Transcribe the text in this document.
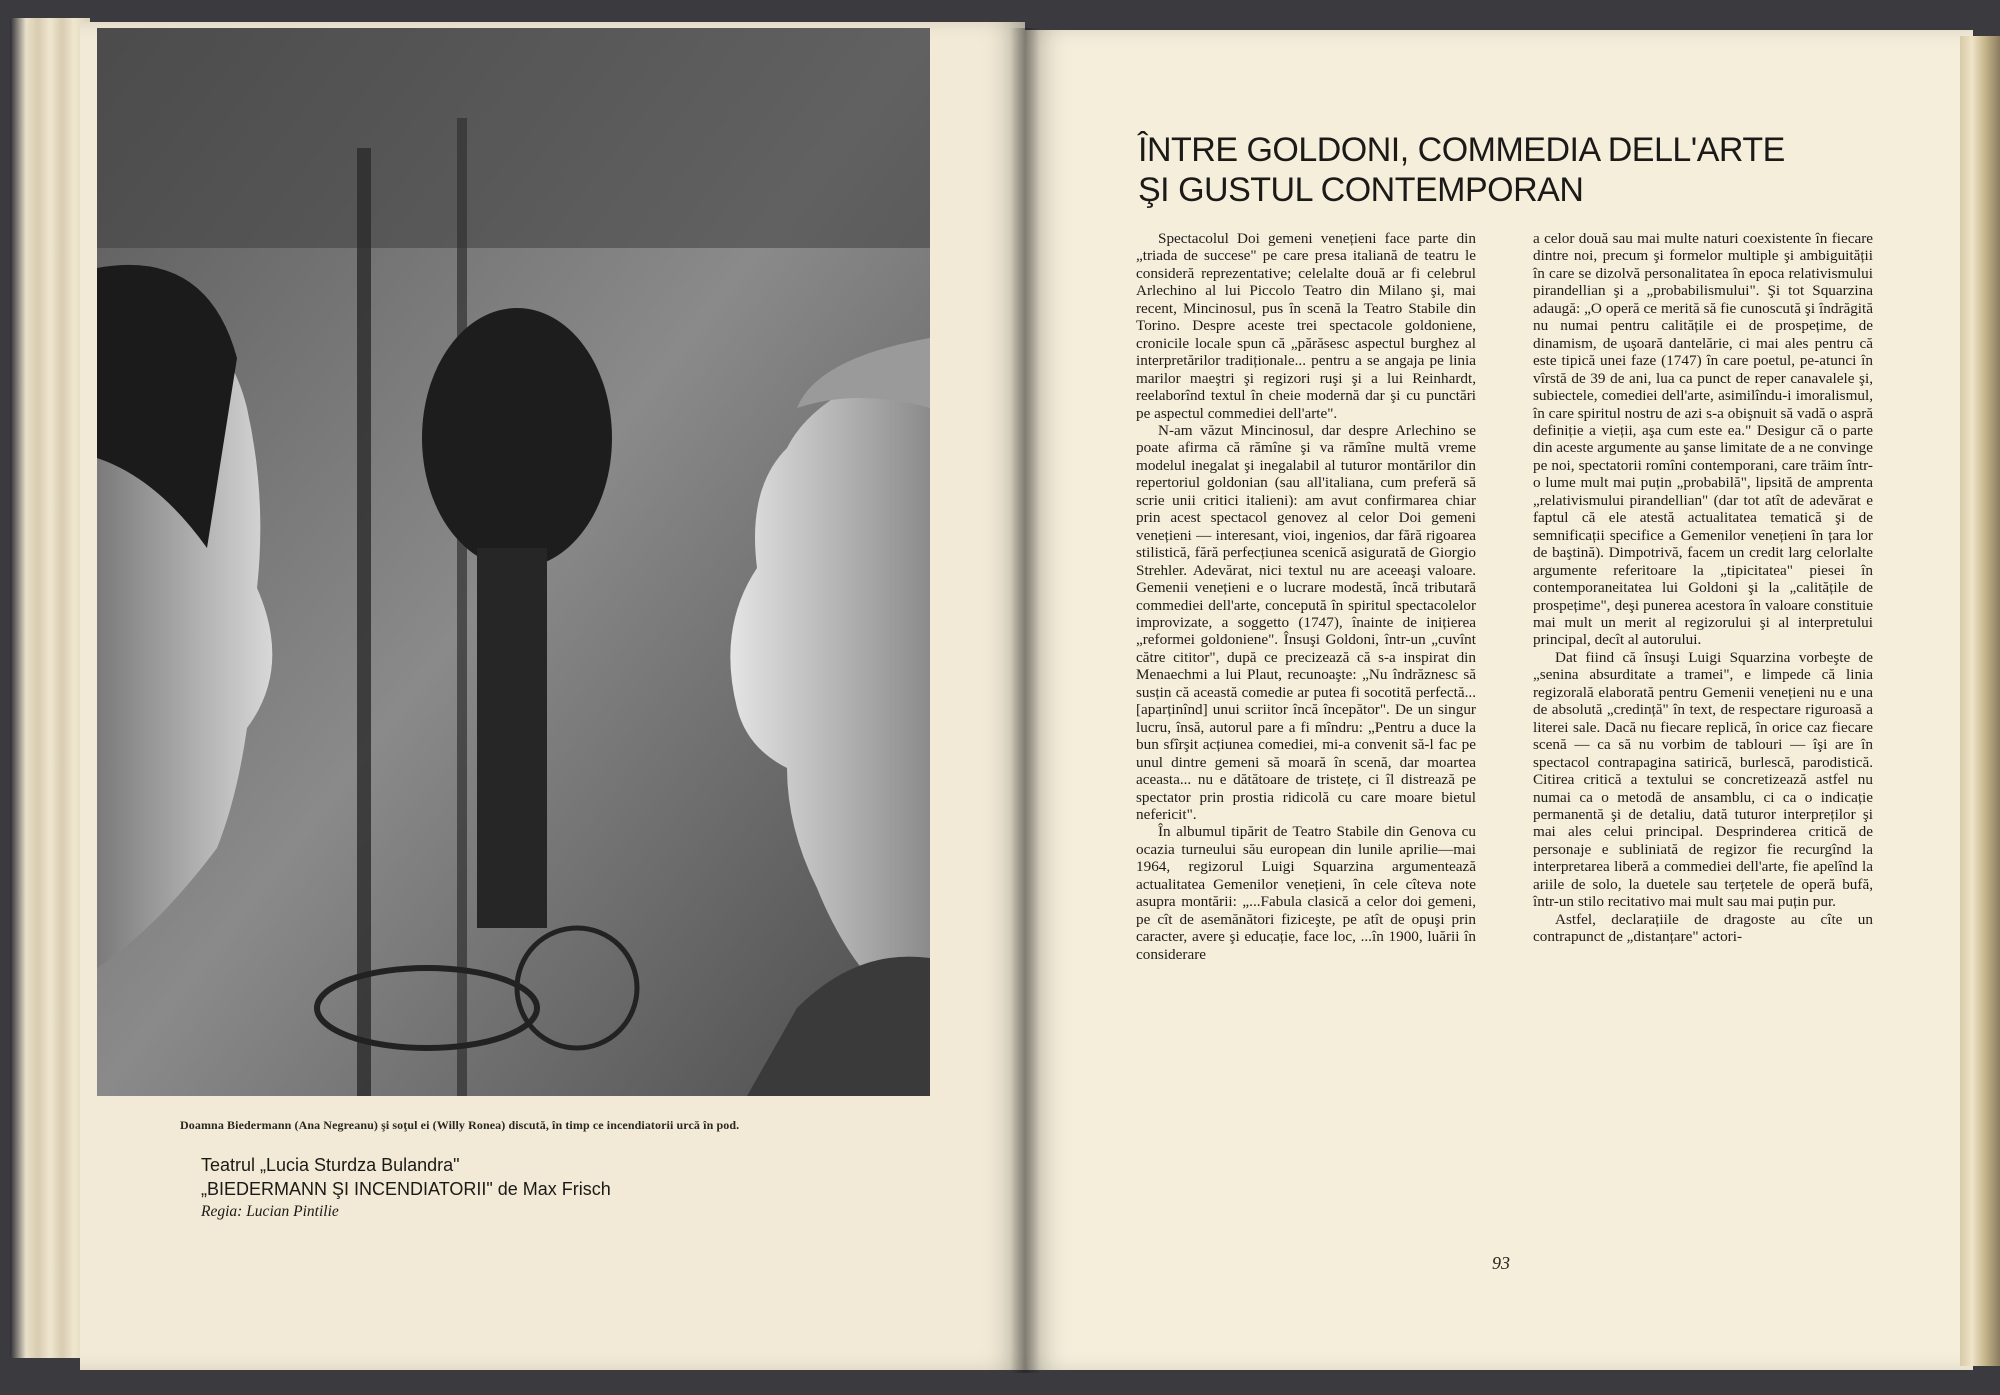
Doamna Biedermann (Ana Negreanu) şi soţul ei (Willy Ronea) discută, în timp ce incendiatorii urcă în pod.
Teatrul „Lucia Sturdza Bulandra"
„BIEDERMANN ŞI INCENDIATORII" de Max Frisch
Regia: Lucian Pintilie
ÎNTRE GOLDONI, COMMEDIA DELL'ARTE
ŞI GUSTUL CONTEMPORAN

Spectacolul Doi gemeni venețieni face parte din „triada de succese" pe care presa italiană de teatru le consideră reprezentative; celelalte două ar fi celebrul Arlechino al lui Piccolo Teatro din Milano şi, mai recent, Mincinosul, pus în scenă la Teatro Stabile din Torino. Despre aceste trei spectacole goldoniene, cronicile locale spun că „părăsesc aspectul burghez al interpretărilor tradiționale... pentru a se angaja pe linia marilor maeştri şi regizori ruşi şi a lui Reinhardt, reelaborînd textul în cheie modernă dar şi cu punctări pe aspectul commediei dell'arte".

N-am văzut Mincinosul, dar despre Arlechino se poate afirma că rămîne şi va rămîne multă vreme modelul inegalat şi inegalabil al tuturor montărilor din repertoriul goldonian (sau all'italiana, cum preferă să scrie unii critici italieni): am avut confirmarea chiar prin acest spectacol genovez al celor Doi gemeni venețieni — interesant, vioi, ingenios, dar fără rigoarea stilistică, fără perfecțiunea scenică asigurată de Giorgio Strehler. Adevărat, nici textul nu are aceeaşi valoare. Gemenii venețieni e o lucrare modestă, încă tributară commediei dell'arte, concepută în spiritul spectacolelor improvizate, a soggetto (1747), înainte de inițierea „reformei goldoniene". Însuşi Goldoni, într-un „cuvînt către cititor", după ce precizează că s-a inspirat din Menaechmi a lui Plaut, recunoaşte: „Nu îndrăznesc să susțin că această comedie ar putea fi socotită perfectă... [aparținînd] unui scriitor încă începător". De un singur lucru, însă, autorul pare a fi mîndru: „Pentru a duce la bun sfîrşit acțiunea comediei, mi-a convenit să-l fac pe unul dintre gemeni să moară în scenă, dar moartea aceasta... nu e dătătoare de tristețe, ci îl distrează pe spectator prin prostia ridicolă cu care moare bietul nefericit".

În albumul tipărit de Teatro Stabile din Genova cu ocazia turneului său european din lunile aprilie—mai 1964, regizorul Luigi Squarzina argumentează actualitatea Gemenilor venețieni, în cele cîteva note asupra montării: „...Fabula clasică a celor doi gemeni, pe cît de asemănători fiziceşte, pe atît de opuşi prin caracter, avere şi educație, face loc, ...în 1900, luării în considerare

a celor două sau mai multe naturi coexistente în fiecare dintre noi, precum şi formelor multiple şi ambiguității în care se dizolvă personalitatea în epoca relativismului pirandellian şi a „probabilismului". Şi tot Squarzina adaugă: „O operă ce merită să fie cunoscută şi îndrăgită nu numai pentru calitățile ei de prospețime, de dinamism, de uşoară dantelărie, ci mai ales pentru că este tipică unei faze (1747) în care poetul, pe-atunci în vîrstă de 39 de ani, lua ca punct de reper canavalele şi, subiectele, comediei dell'arte, asimilîndu-i imoralismul, în care spiritul nostru de azi s-a obişnuit să vadă o aspră definiție a vieții, aşa cum este ea." Desigur că o parte din aceste argumente au şanse limitate de a ne convinge pe noi, spectatorii romîni contemporani, care trăim într-o lume mult mai puțin „probabilă", lipsită de amprenta „relativismului pirandellian" (dar tot atît de adevărat e faptul că ele atestă actualitatea tematică şi de semnificații specifice a Gemenilor venețieni în țara lor de baştină). Dimpotrivă, facem un credit larg celorlalte argumente referitoare la „tipicitatea" piesei în contemporaneitatea lui Goldoni şi la „calitățile de prospețime", deşi punerea acestora în valoare constituie mai mult un merit al regizorului şi al interpretului principal, decît al autorului.

Dat fiind că însuşi Luigi Squarzina vorbeşte de „senina absurditate a tramei", e limpede că linia regizorală elaborată pentru Gemenii venețieni nu e una de absolută „credință" în text, de respectare riguroasă a literei sale. Dacă nu fiecare replică, în orice caz fiecare scenă — ca să nu vorbim de tablouri — îşi are în spectacol contrapagina satirică, burlescă, parodistică. Citirea critică a textului se concretizează astfel nu numai ca o metodă de ansamblu, ci ca o indicație permanentă şi de detaliu, dată tuturor interpreților şi mai ales celui principal. Desprinderea critică de personaje e subliniată de regizor fie recurgînd la interpretarea liberă a commediei dell'arte, fie apelînd la ariile de solo, la duetele sau terțetele de operă bufă, într-un stilo recitativo mai mult sau mai puțin pur.

Astfel, declarațiile de dragoste au cîte un contrapunct de „distanțare" actori-

93
